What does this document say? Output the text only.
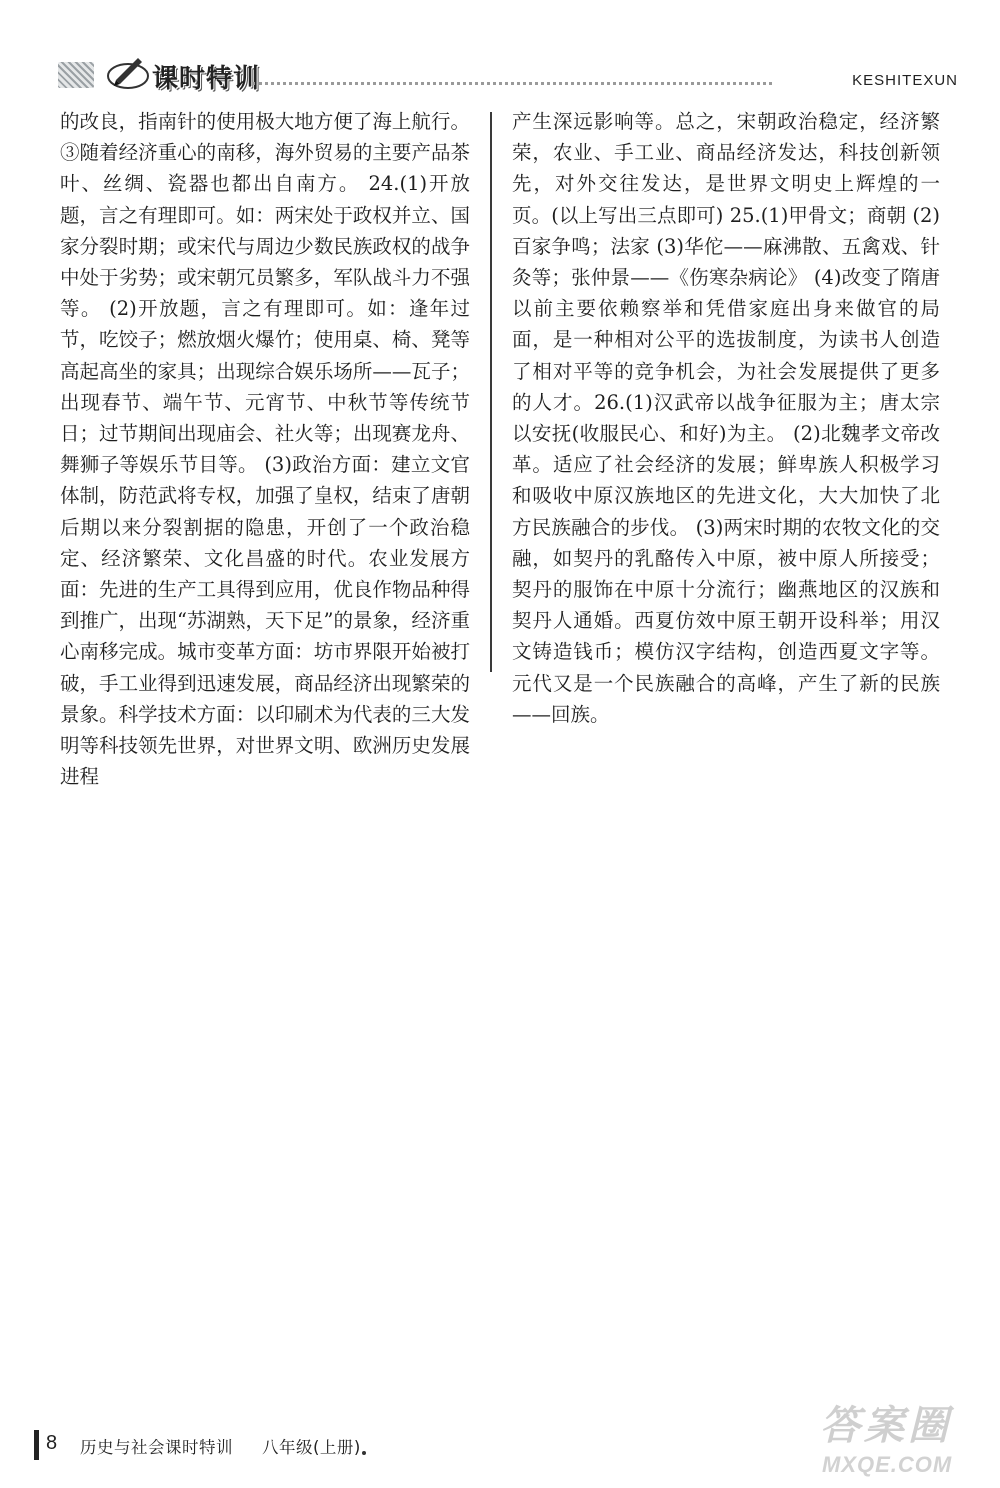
课时特训	KESHITEXUN
的改良，指南针的使用极大地方便了海上航行。③随着经济重心的南移，海外贸易的主要产品茶叶、丝绸、瓷器也都出自南方。 24.(1)开放题，言之有理即可。如：两宋处于政权并立、国家分裂时期；或宋代与周边少数民族政权的战争中处于劣势；或宋朝冗员繁多，军队战斗力不强等。 (2)开放题，言之有理即可。如：逢年过节，吃饺子；燃放烟火爆竹；使用桌、椅、凳等高起高坐的家具；出现综合娱乐场所——瓦子；出现春节、端午节、元宵节、中秋节等传统节日；过节期间出现庙会、社火等；出现赛龙舟、舞狮子等娱乐节目等。 (3)政治方面：建立文官体制，防范武将专权，加强了皇权，结束了唐朝后期以来分裂割据的隐患，开创了一个政治稳定、经济繁荣、文化昌盛的时代。农业发展方面：先进的生产工具得到应用，优良作物品种得到推广，出现“苏湖熟，天下足”的景象，经济重心南移完成。城市变革方面：坊市界限开始被打破，手工业得到迅速发展，商品经济出现繁荣的景象。科学技术方面：以印刷术为代表的三大发明等科技领先世界，对世界文明、欧洲历史发展进程
产生深远影响等。总之，宋朝政治稳定，经济繁荣，农业、手工业、商品经济发达，科技创新领先，对外交往发达，是世界文明史上辉煌的一页。(以上写出三点即可) 25.(1)甲骨文；商朝 (2)百家争鸣；法家 (3)华佗——麻沸散、五禽戏、针灸等；张仲景——《伤寒杂病论》 (4)改变了隋唐以前主要依赖察举和凭借家庭出身来做官的局面，是一种相对公平的选拔制度，为读书人创造了相对平等的竞争机会，为社会发展提供了更多的人才。26.(1)汉武帝以战争征服为主；唐太宗以安抚(收服民心、和好)为主。 (2)北魏孝文帝改革。适应了社会经济的发展；鲜卑族人积极学习和吸收中原汉族地区的先进文化，大大加快了北方民族融合的步伐。 (3)两宋时期的农牧文化的交融，如契丹的乳酪传入中原，被中原人所接受；契丹的服饰在中原十分流行；幽燕地区的汉族和契丹人通婚。西夏仿效中原王朝开设科举；用汉文铸造钱币；模仿汉字结构，创造西夏文字等。元代又是一个民族融合的高峰，产生了新的民族——回族。
8 历史与社会课时特训 八年级(上册)	答案圈
MXQE.COM
